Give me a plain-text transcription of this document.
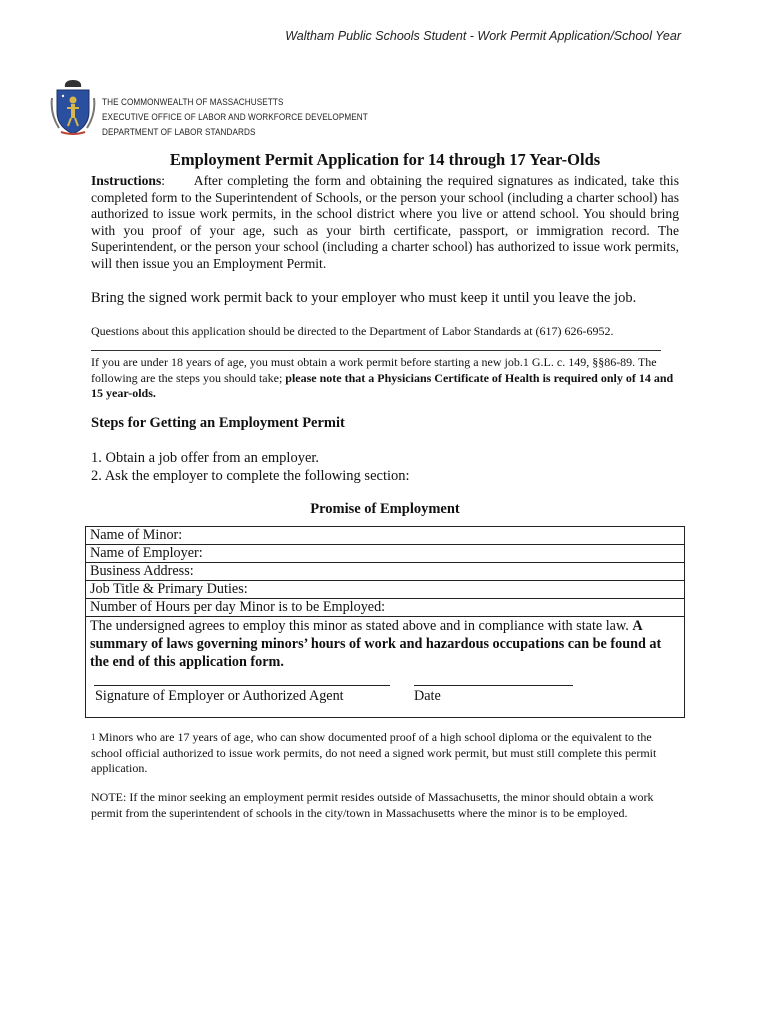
Waltham Public Schools Student - Work Permit Application/School Year
THE COMMONWEALTH OF MASSACHUSETTS
EXECUTIVE OFFICE OF LABOR AND WORKFORCE DEVELOPMENT
DEPARTMENT OF LABOR STANDARDS
Employment Permit Application for 14 through 17 Year-Olds
Instructions: After completing the form and obtaining the required signatures as indicated, take this completed form to the Superintendent of Schools, or the person your school (including a charter school) has authorized to issue work permits, in the school district where you live or attend school. You should bring with you proof of your age, such as your birth certificate, passport, or immigration record. The Superintendent, or the person your school (including a charter school) has authorized to issue work permits, will then issue you an Employment Permit.
Bring the signed work permit back to your employer who must keep it until you leave the job.
Questions about this application should be directed to the Department of Labor Standards at (617) 626-6952.
If you are under 18 years of age, you must obtain a work permit before starting a new job.1 G.L. c. 149, §§86-89. The following are the steps you should take; please note that a Physicians Certificate of Health is required only of 14 and 15 year-olds.
Steps for Getting an Employment Permit
1. Obtain a job offer from an employer.
2. Ask the employer to complete the following section:
Promise of Employment
Name of Minor:
Name of Employer:
Business Address:
Job Title & Primary Duties:
Number of Hours per day Minor is to be Employed:
The undersigned agrees to employ this minor as stated above and in compliance with state law. A summary of laws governing minors’ hours of work and hazardous occupations can be found at the end of this application form.
Signature of Employer or Authorized Agent	Date
$^1$ Minors who are 17 years of age, who can show documented proof of a high school diploma or the equivalent to the school official authorized to issue work permits, do not need a signed work permit, but must still complete this permit application.
NOTE: If the minor seeking an employment permit resides outside of Massachusetts, the minor should obtain a work permit from the superintendent of schools in the city/town in Massachusetts where the minor is to be employed.
